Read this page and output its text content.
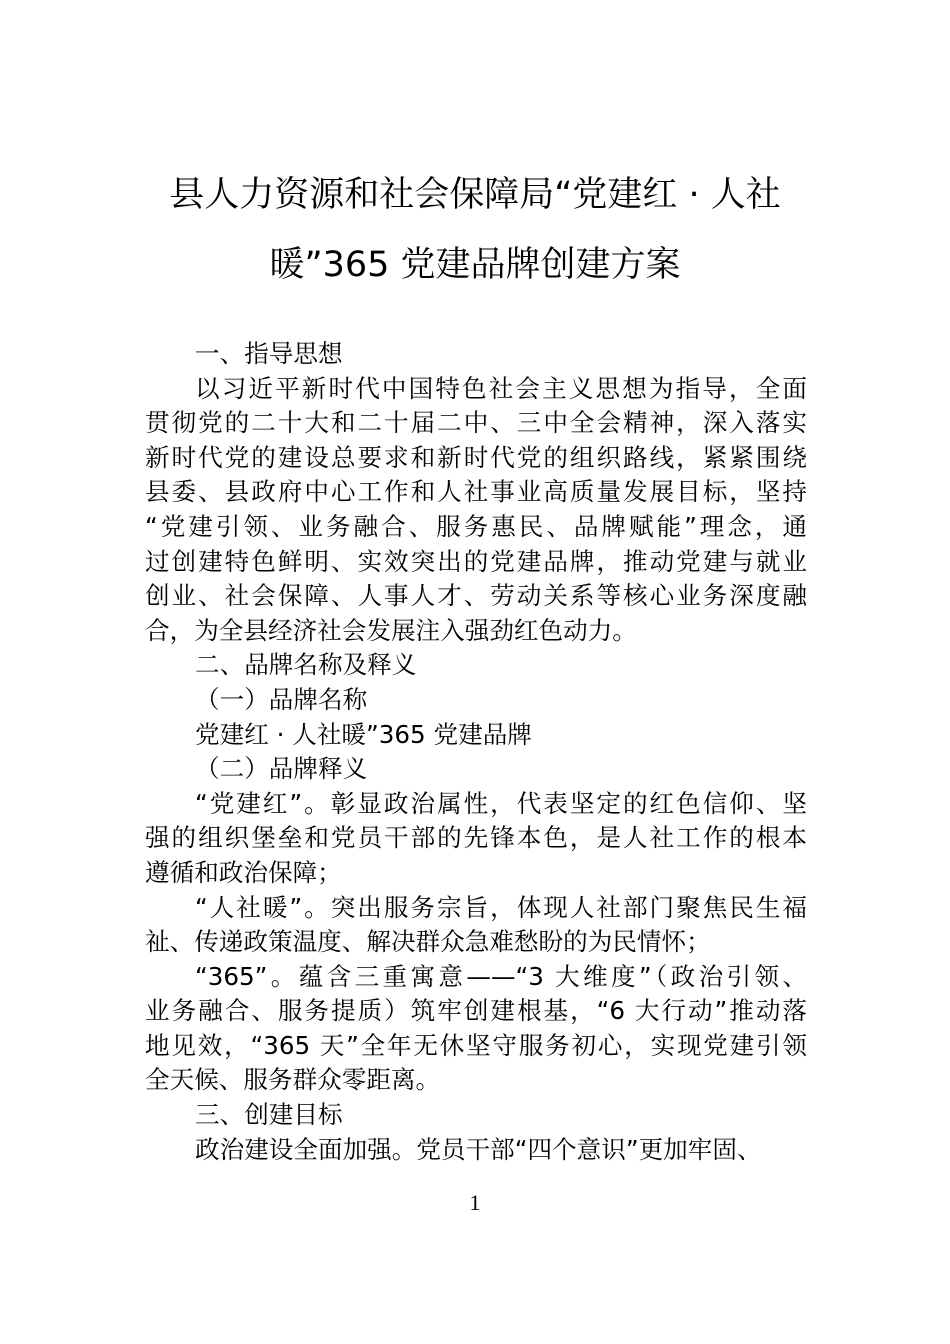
县人力资源和社会保障局“党建红 · 人社
暖”365 党建品牌创建方案
一、指导思想
以习近平新时代中国特色社会主义思想为指导，全面
贯彻党的二十大和二十届二中、三中全会精神，深入落实
新时代党的建设总要求和新时代党的组织路线，紧紧围绕
县委、县政府中心工作和人社事业高质量发展目标，坚持
“党建引领、业务融合、服务惠民、品牌赋能”理念，通
过创建特色鲜明、实效突出的党建品牌，推动党建与就业
创业、社会保障、人事人才、劳动关系等核心业务深度融
合，为全县经济社会发展注入强劲红色动力。
二、品牌名称及释义
（一）品牌名称
党建红 · 人社暖”365 党建品牌
（二）品牌释义
“党建红”。彰显政治属性，代表坚定的红色信仰、坚
强的组织堡垒和党员干部的先锋本色，是人社工作的根本
遵循和政治保障；
“人社暖”。突出服务宗旨，体现人社部门聚焦民生福
祉、传递政策温度、解决群众急难愁盼的为民情怀；
“365”。蕴含三重寓意——“3 大维度”（政治引领、
业务融合、服务提质）筑牢创建根基，“6 大行动”推动落
地见效，“365 天”全年无休坚守服务初心，实现党建引领
全天候、服务群众零距离。
三、创建目标
政治建设全面加强。党员干部“四个意识”更加牢固、
1
